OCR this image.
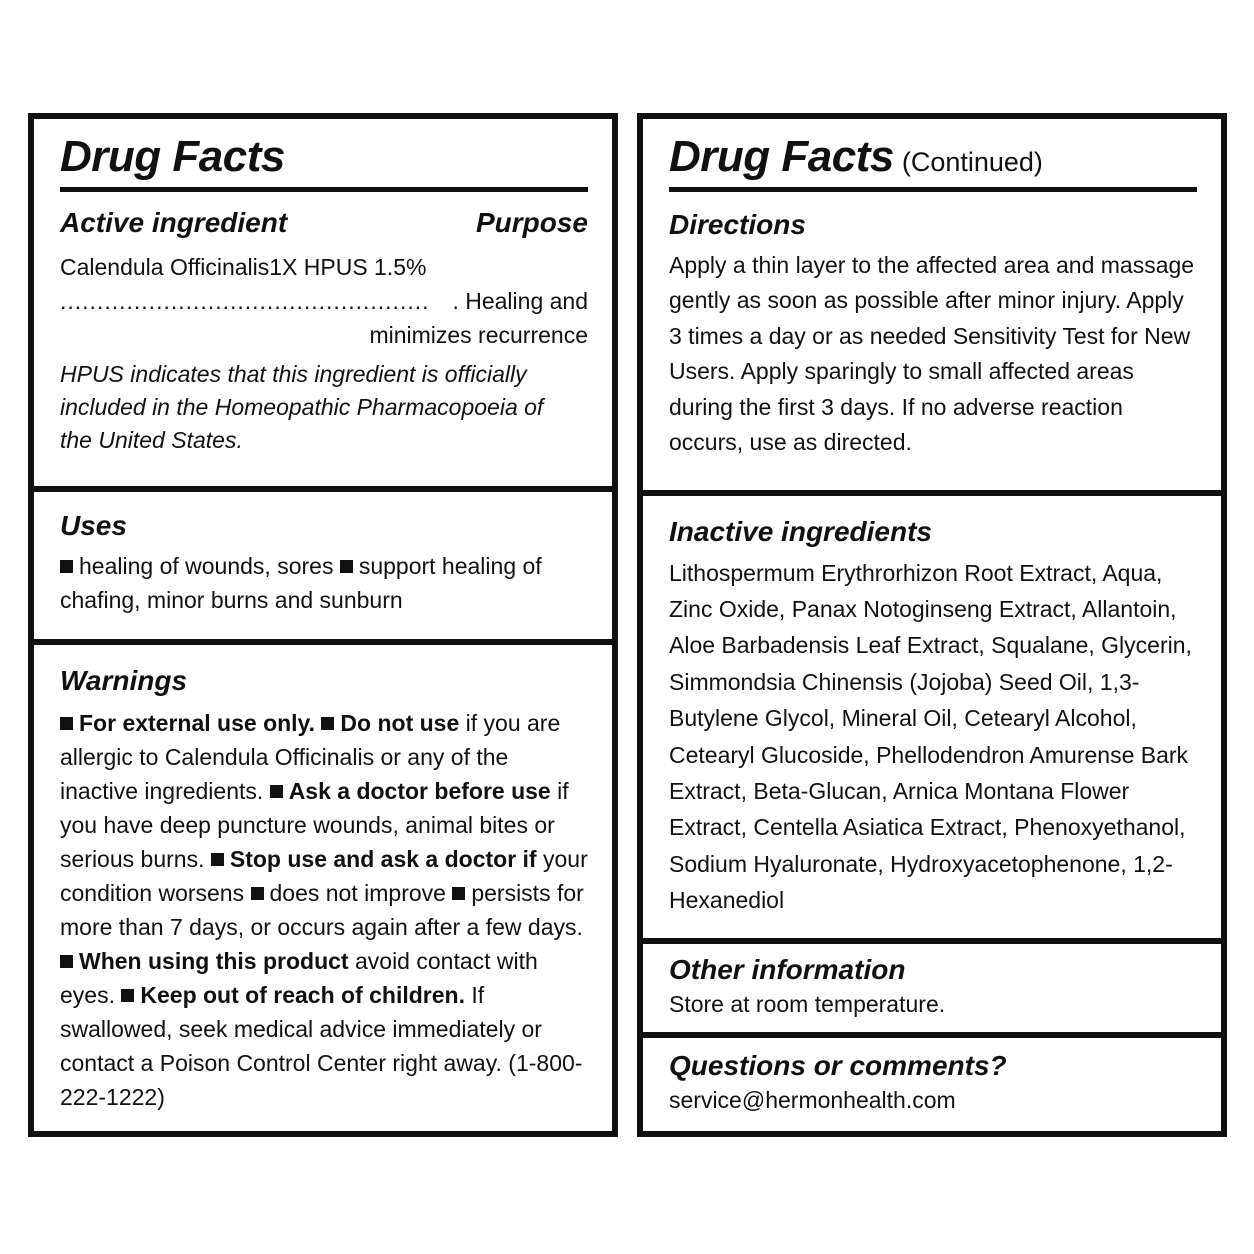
Drug Facts
Active ingredient	Purpose
Calendula Officinalis1X HPUS 1.5%
.................................................. . Healing and
minimizes recurrence
HPUS indicates that this ingredient is officially included in the Homeopathic Pharmacopoeia of the United States.
Uses
healing of wounds, sores support healing of chafing, minor burns and sunburn
Warnings
For external use only. Do not use if you are allergic to Calendula Officinalis or any of the inactive ingredients. Ask a doctor before use if you have deep puncture wounds, animal bites or serious burns. Stop use and ask a doctor if your condition worsens does not improve persists for more than 7 days, or occurs again after a few days. When using this product avoid contact with eyes. Keep out of reach of children. If swallowed, seek medical advice immediately or contact a Poison Control Center right away. (1-800-222-1222)
Drug Facts (Continued)
Directions
Apply a thin layer to the affected area and massage gently as soon as possible after minor injury. Apply 3 times a day or as needed Sensitivity Test for New Users. Apply sparingly to small affected areas during the first 3 days. If no adverse reaction occurs, use as directed.
Inactive ingredients
Lithospermum Erythrorhizon Root Extract, Aqua, Zinc Oxide, Panax Notoginseng Extract, Allantoin, Aloe Barbadensis Leaf Extract, Squalane, Glycerin, Simmondsia Chinensis (Jojoba) Seed Oil, 1,3-Butylene Glycol, Mineral Oil, Cetearyl Alcohol, Cetearyl Glucoside, Phellodendron Amurense Bark Extract, Beta-Glucan, Arnica Montana Flower Extract, Centella Asiatica Extract, Phenoxyethanol, Sodium Hyaluronate, Hydroxyacetophenone, 1,2-Hexanediol
Other information
Store at room temperature.
Questions or comments?
service@hermonhealth.com
